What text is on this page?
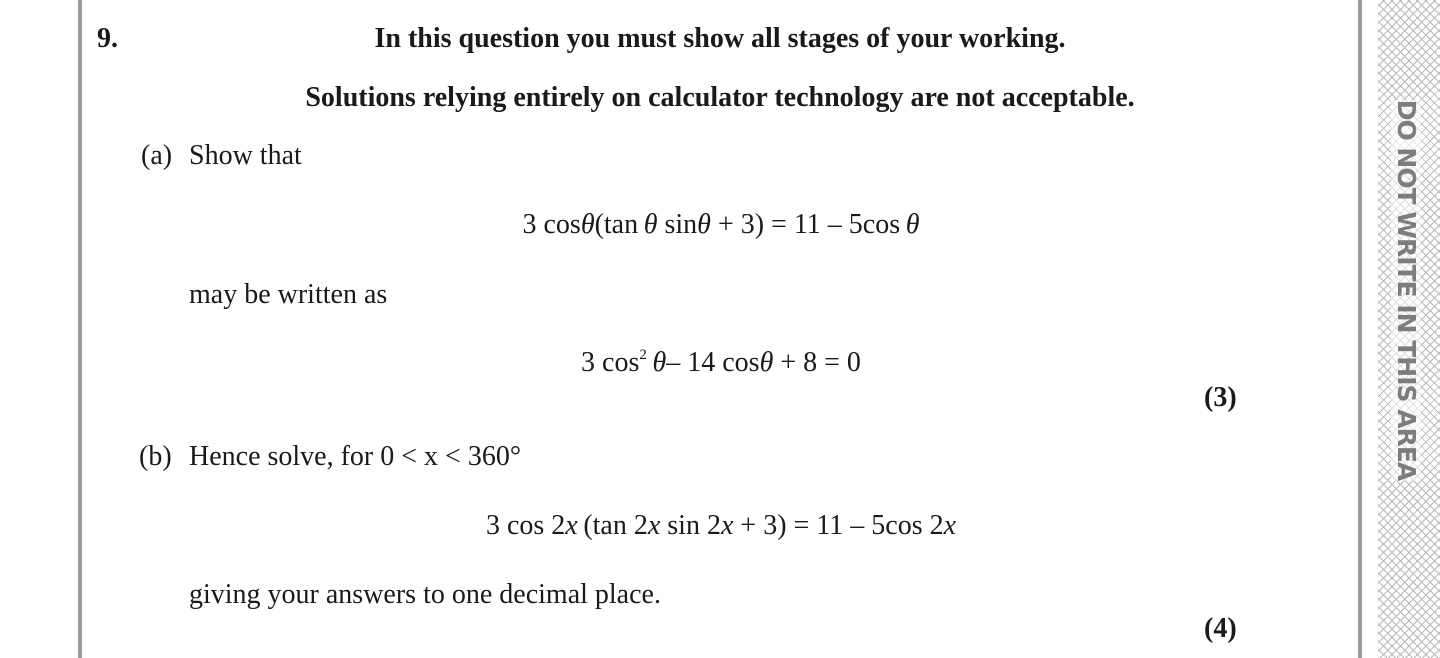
DO NOT WRITE IN THIS AREA
9.	In this question you must show all stages of your working.
Solutions relying entirely on calculator technology are not acceptable.
(a) Show that
3 cosθ(tan  θ sinθ + 3) = 11 – 5cos  θ
may be written as
3 $\cos^2 \theta-$ 14 cosθ + 8 = 0
(3)
(b) Hence solve, for 0 < x < 360°
3 cos 2x  (tan 2x sin 2x + 3) = 11 – 5cos 2x
giving your answers to one decimal place.
(4)
